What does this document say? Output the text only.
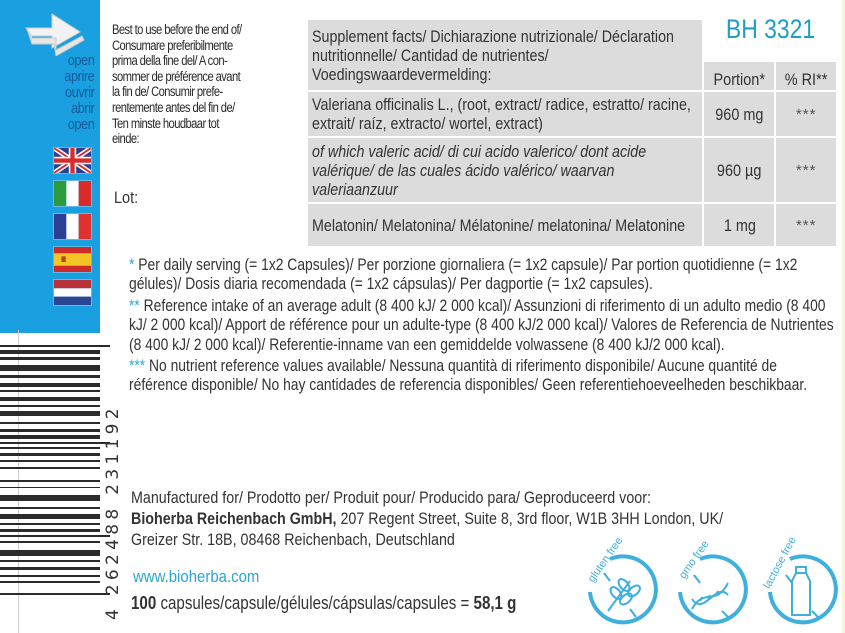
open
aprire
ouvrir
abrir
open
4 262488 231192
Best to use before the end of/
Consumare preferibilmente
prima della fine del/ A con-
sommer de préférence avant
la fin de/ Consumir prefe-
rentemente antes del fin de/
Ten minste houdbaar tot
einde:
Lot:
Supplement facts/ Dichiarazione nutrizionale/ Déclaration nutritionnelle/ Cantidad de nutrientes/ Voedingswaardevermelding:	BH 3321	
	Portion*	% RI**
Valeriana officinalis L., (root, extract/ radice, estratto/ racine, extrait/ raíz, extracto/ wortel, extract)	960 mg	***
of which valeric acid/ di cui acido valerico/ dont acide valérique/ de las cuales ácido valérico/ waarvan valeriaanzuur	960 µg	***
Melatonin/ Melatonina/ Mélatonine/ melatonina/ Melatonine	1 mg	***

* Per daily serving (= 1x2 Capsules)/ Per porzione giornaliera (= 1x2 capsule)/ Par portion quotidienne (= 1x2 gélules)/ Dosis diaria recomendada (= 1x2 cápsulas)/ Per dagportie (= 1x2 capsules).

** Reference intake of an average adult (8 400 kJ/ 2 000 kcal)/ Assunzioni di riferimento di un adulto medio (8 400 kJ/ 2 000 kcal)/ Apport de référence pour un adulte-type (8 400 kJ/2 000 kcal)/ Valores de Referencia de Nutrientes (8 400 kJ/ 2 000 kcal)/ Referentie-inname van een gemiddelde volwassene (8 400 kJ/2 000 kcal).

*** No nutrient reference values available/ Nessuna quantità di riferimento disponibile/ Aucune quantité de référence disponible/ No hay cantidades de referencia disponibles/ Geen referentiehoeveelheden beschikbaar.

Manufactured for/ Prodotto per/ Produit pour/ Producido para/ Geproduceerd voor:
Bioherba Reichenbach GmbH, 207 Regent Street, Suite 8, 3rd floor, W1B 3HH London, UK/
Greizer Str. 18B, 08468 Reichenbach, Deutschland
www.bioherba.com
100 capsules/capsule/gélules/cápsulas/capsules = 58,1 g
gluten free	gmo free	lactose free
